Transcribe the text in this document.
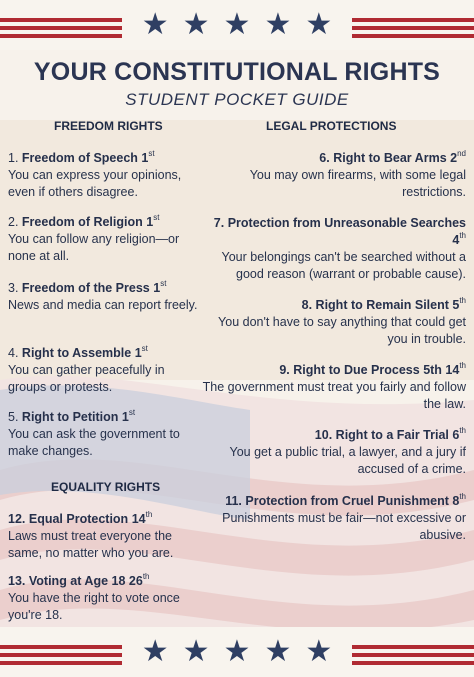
★ ★ ★ ★ ★
★ ★ ★ ★ ★
YOUR CONSTITUTIONAL RIGHTS
STUDENT POCKET GUIDE
FREEDOM RIGHTS	LEGAL PROTECTIONS
1. Freedom of Speech 1st
You can express your opinions, even if others disagree.
2. Freedom of Religion 1st
You can follow any religion—or none at all.
3. Freedom of the Press 1st
News and media can report freely.
4. Right to Assemble 1st
You can gather peacefully in groups or protests.
5. Right to Petition 1st
You can ask the government to make changes.
EQUALITY RIGHTS
12. Equal Protection 14th
Laws must treat everyone the same, no matter who you are.
13. Voting at Age 18 26th
You have the right to vote once you're 18.
6. Right to Bear Arms 2nd
You may own firearms, with some legal restrictions.
7. Protection from Unreasonable Searches 4th
Your belongings can't be searched without a good reason (warrant or probable cause).
8. Right to Remain Silent 5th
You don't have to say anything that could get you in trouble.
9. Right to Due Process 5th 14th
The government must treat you fairly and follow the law.
10. Right to a Fair Trial 6th
You get a public trial, a lawyer, and a jury if accused of a crime.
11. Protection from Cruel Punishment 8th
Punishments must be fair—not excessive or abusive.
